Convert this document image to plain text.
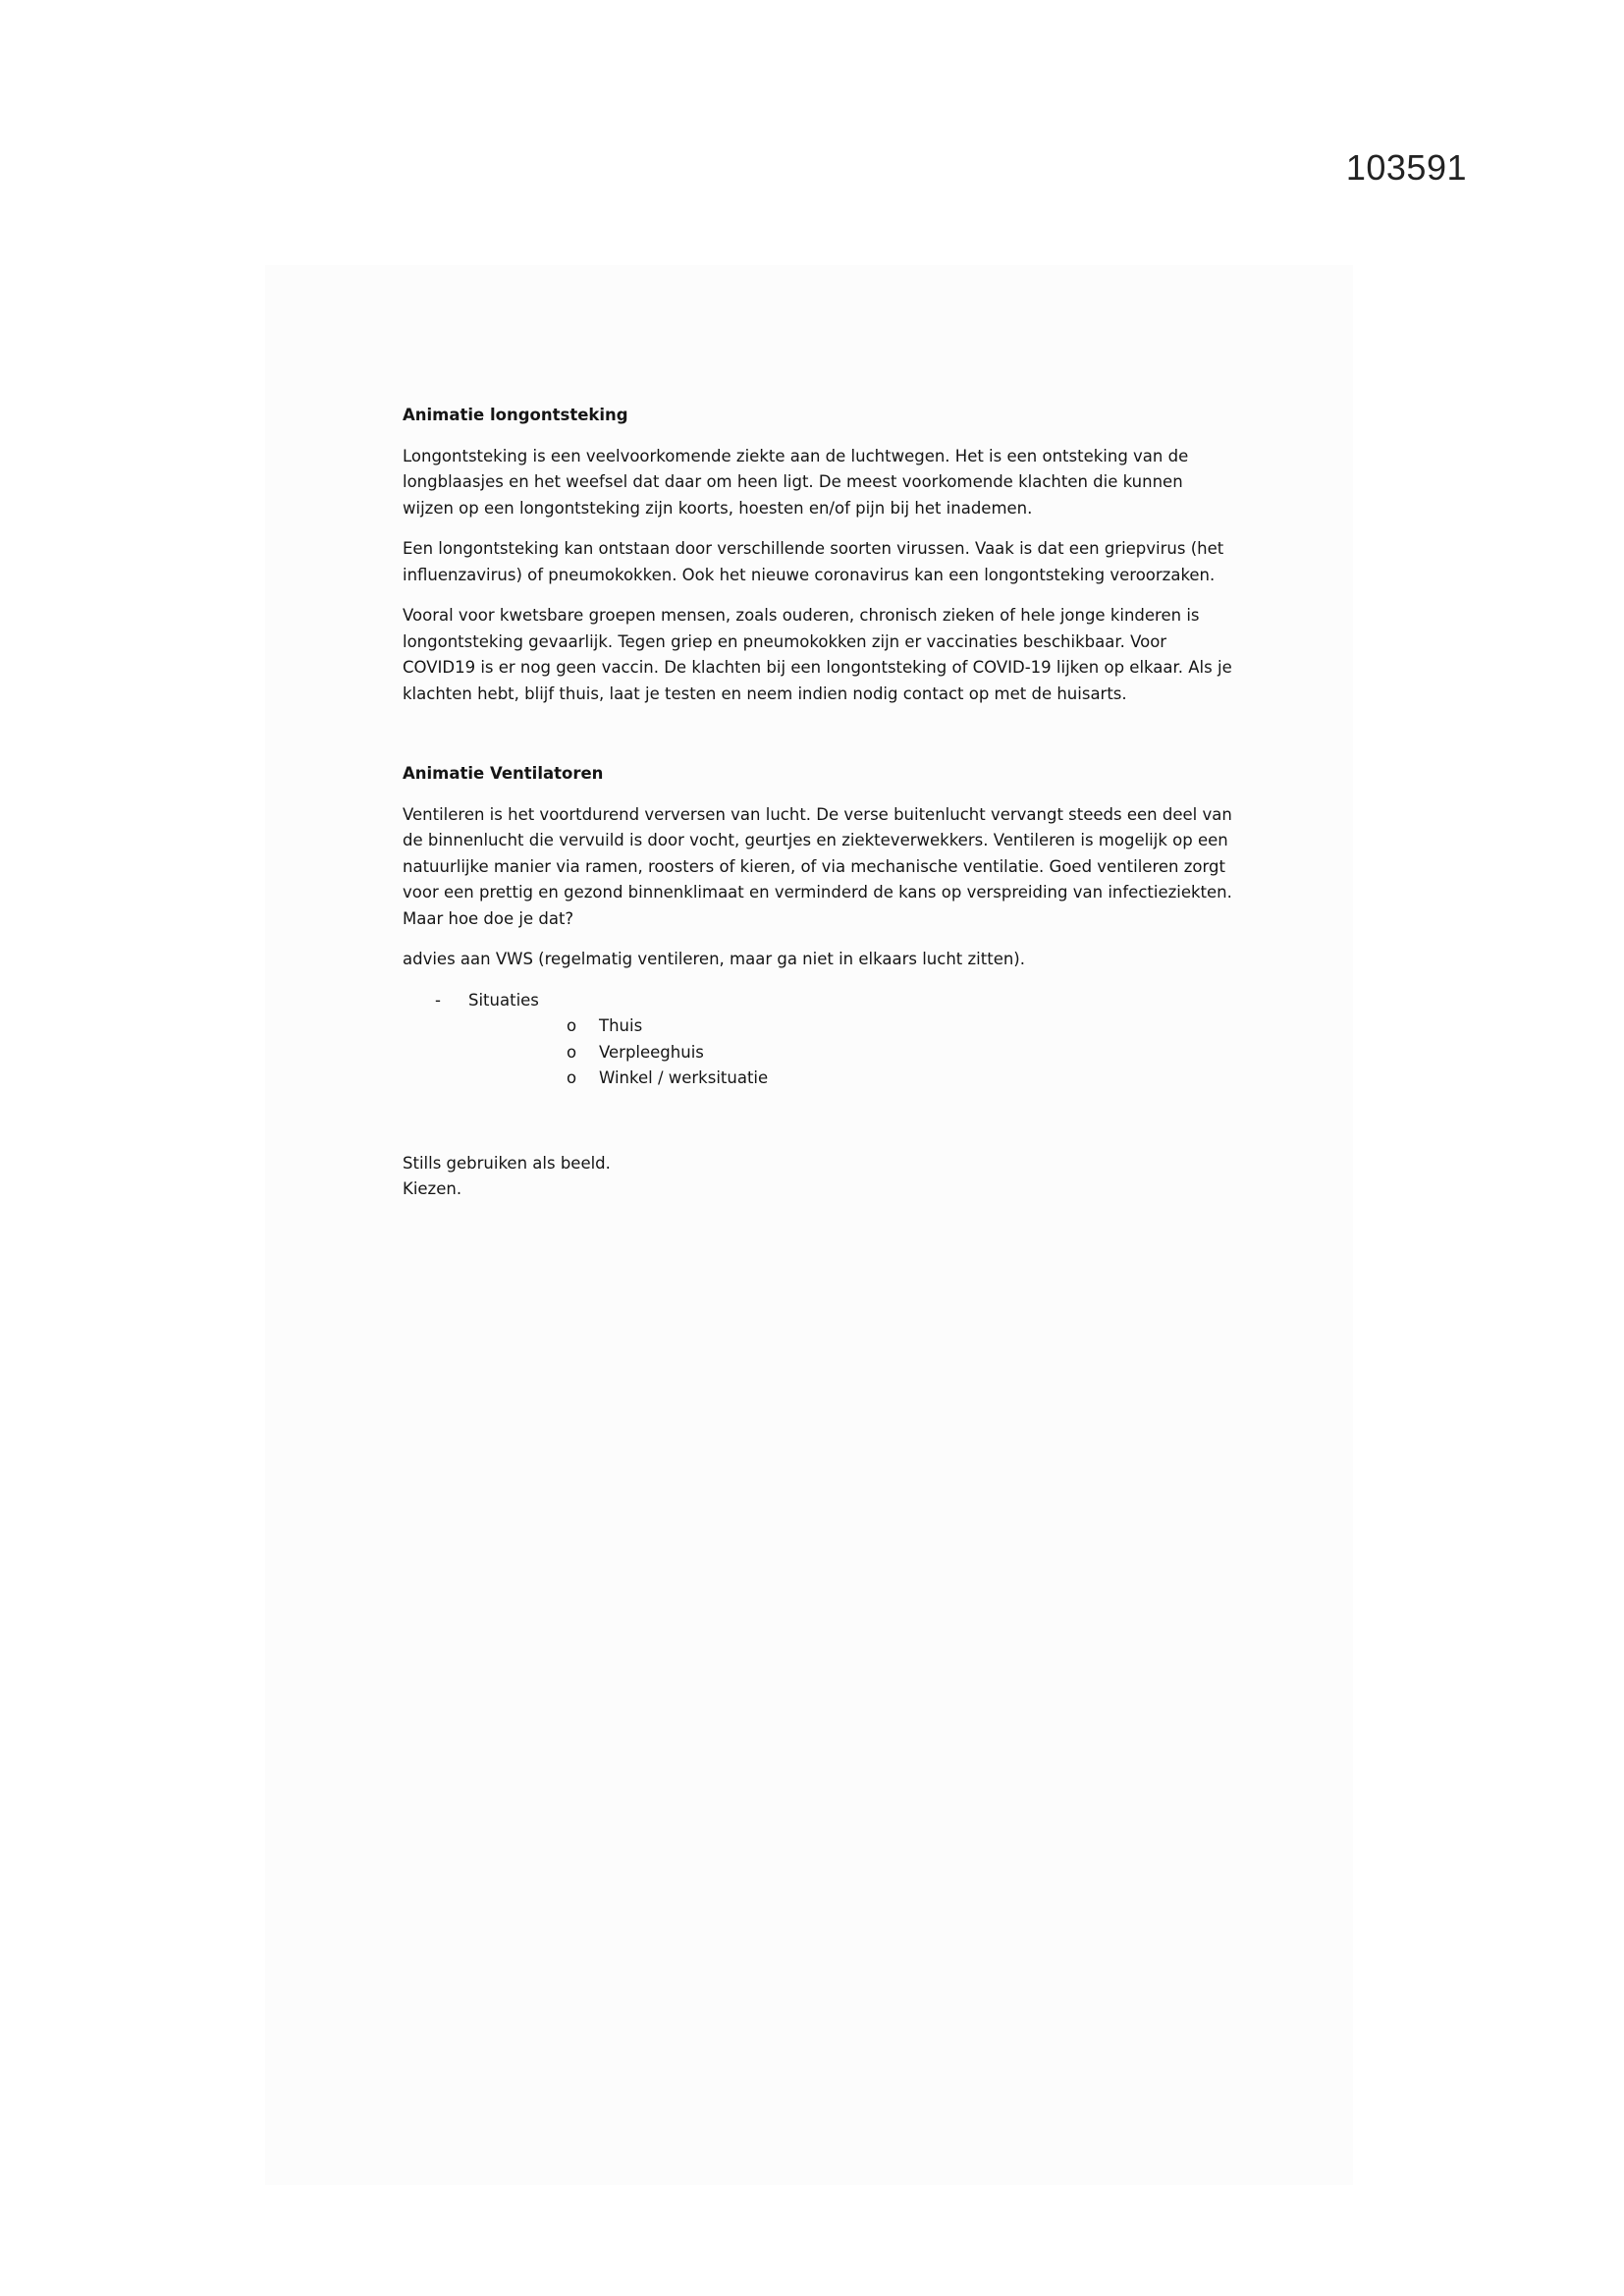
103591

Animatie longontsteking

Longontsteking is een veelvoorkomende ziekte aan de luchtwegen. Het is een ontsteking van de longblaasjes en het weefsel dat daar om heen ligt. De meest voorkomende klachten die kunnen wijzen op een longontsteking zijn koorts, hoesten en/of pijn bij het inademen.

Een longontsteking kan ontstaan door verschillende soorten virussen. Vaak is dat een griepvirus (het influenzavirus) of pneumokokken. Ook het nieuwe coronavirus kan een longontsteking veroorzaken.

Vooral voor kwetsbare groepen mensen, zoals ouderen, chronisch zieken of hele jonge kinderen is longontsteking gevaarlijk. Tegen griep en pneumokokken zijn er vaccinaties beschikbaar. Voor COVID19 is er nog geen vaccin. De klachten bij een longontsteking of COVID-19 lijken op elkaar. Als je klachten hebt, blijf thuis, laat je testen en neem indien nodig contact op met de huisarts.

Animatie Ventilatoren

Ventileren is het voortdurend verversen van lucht. De verse buitenlucht vervangt steeds een deel van de binnenlucht die vervuild is door vocht, geurtjes en ziekteverwekkers. Ventileren is mogelijk op een natuurlijke manier via ramen, roosters of kieren, of via mechanische ventilatie. Goed ventileren zorgt voor een prettig en gezond binnenklimaat en verminderd de kans op verspreiding van infectieziekten. Maar hoe doe je dat?

advies aan VWS (regelmatig ventileren, maar ga niet in elkaars lucht zitten).

- Situaties
o Thuis
o Verpleeghuis
o Winkel / werksituatie
Stills gebruiken als beeld.
Kiezen.
